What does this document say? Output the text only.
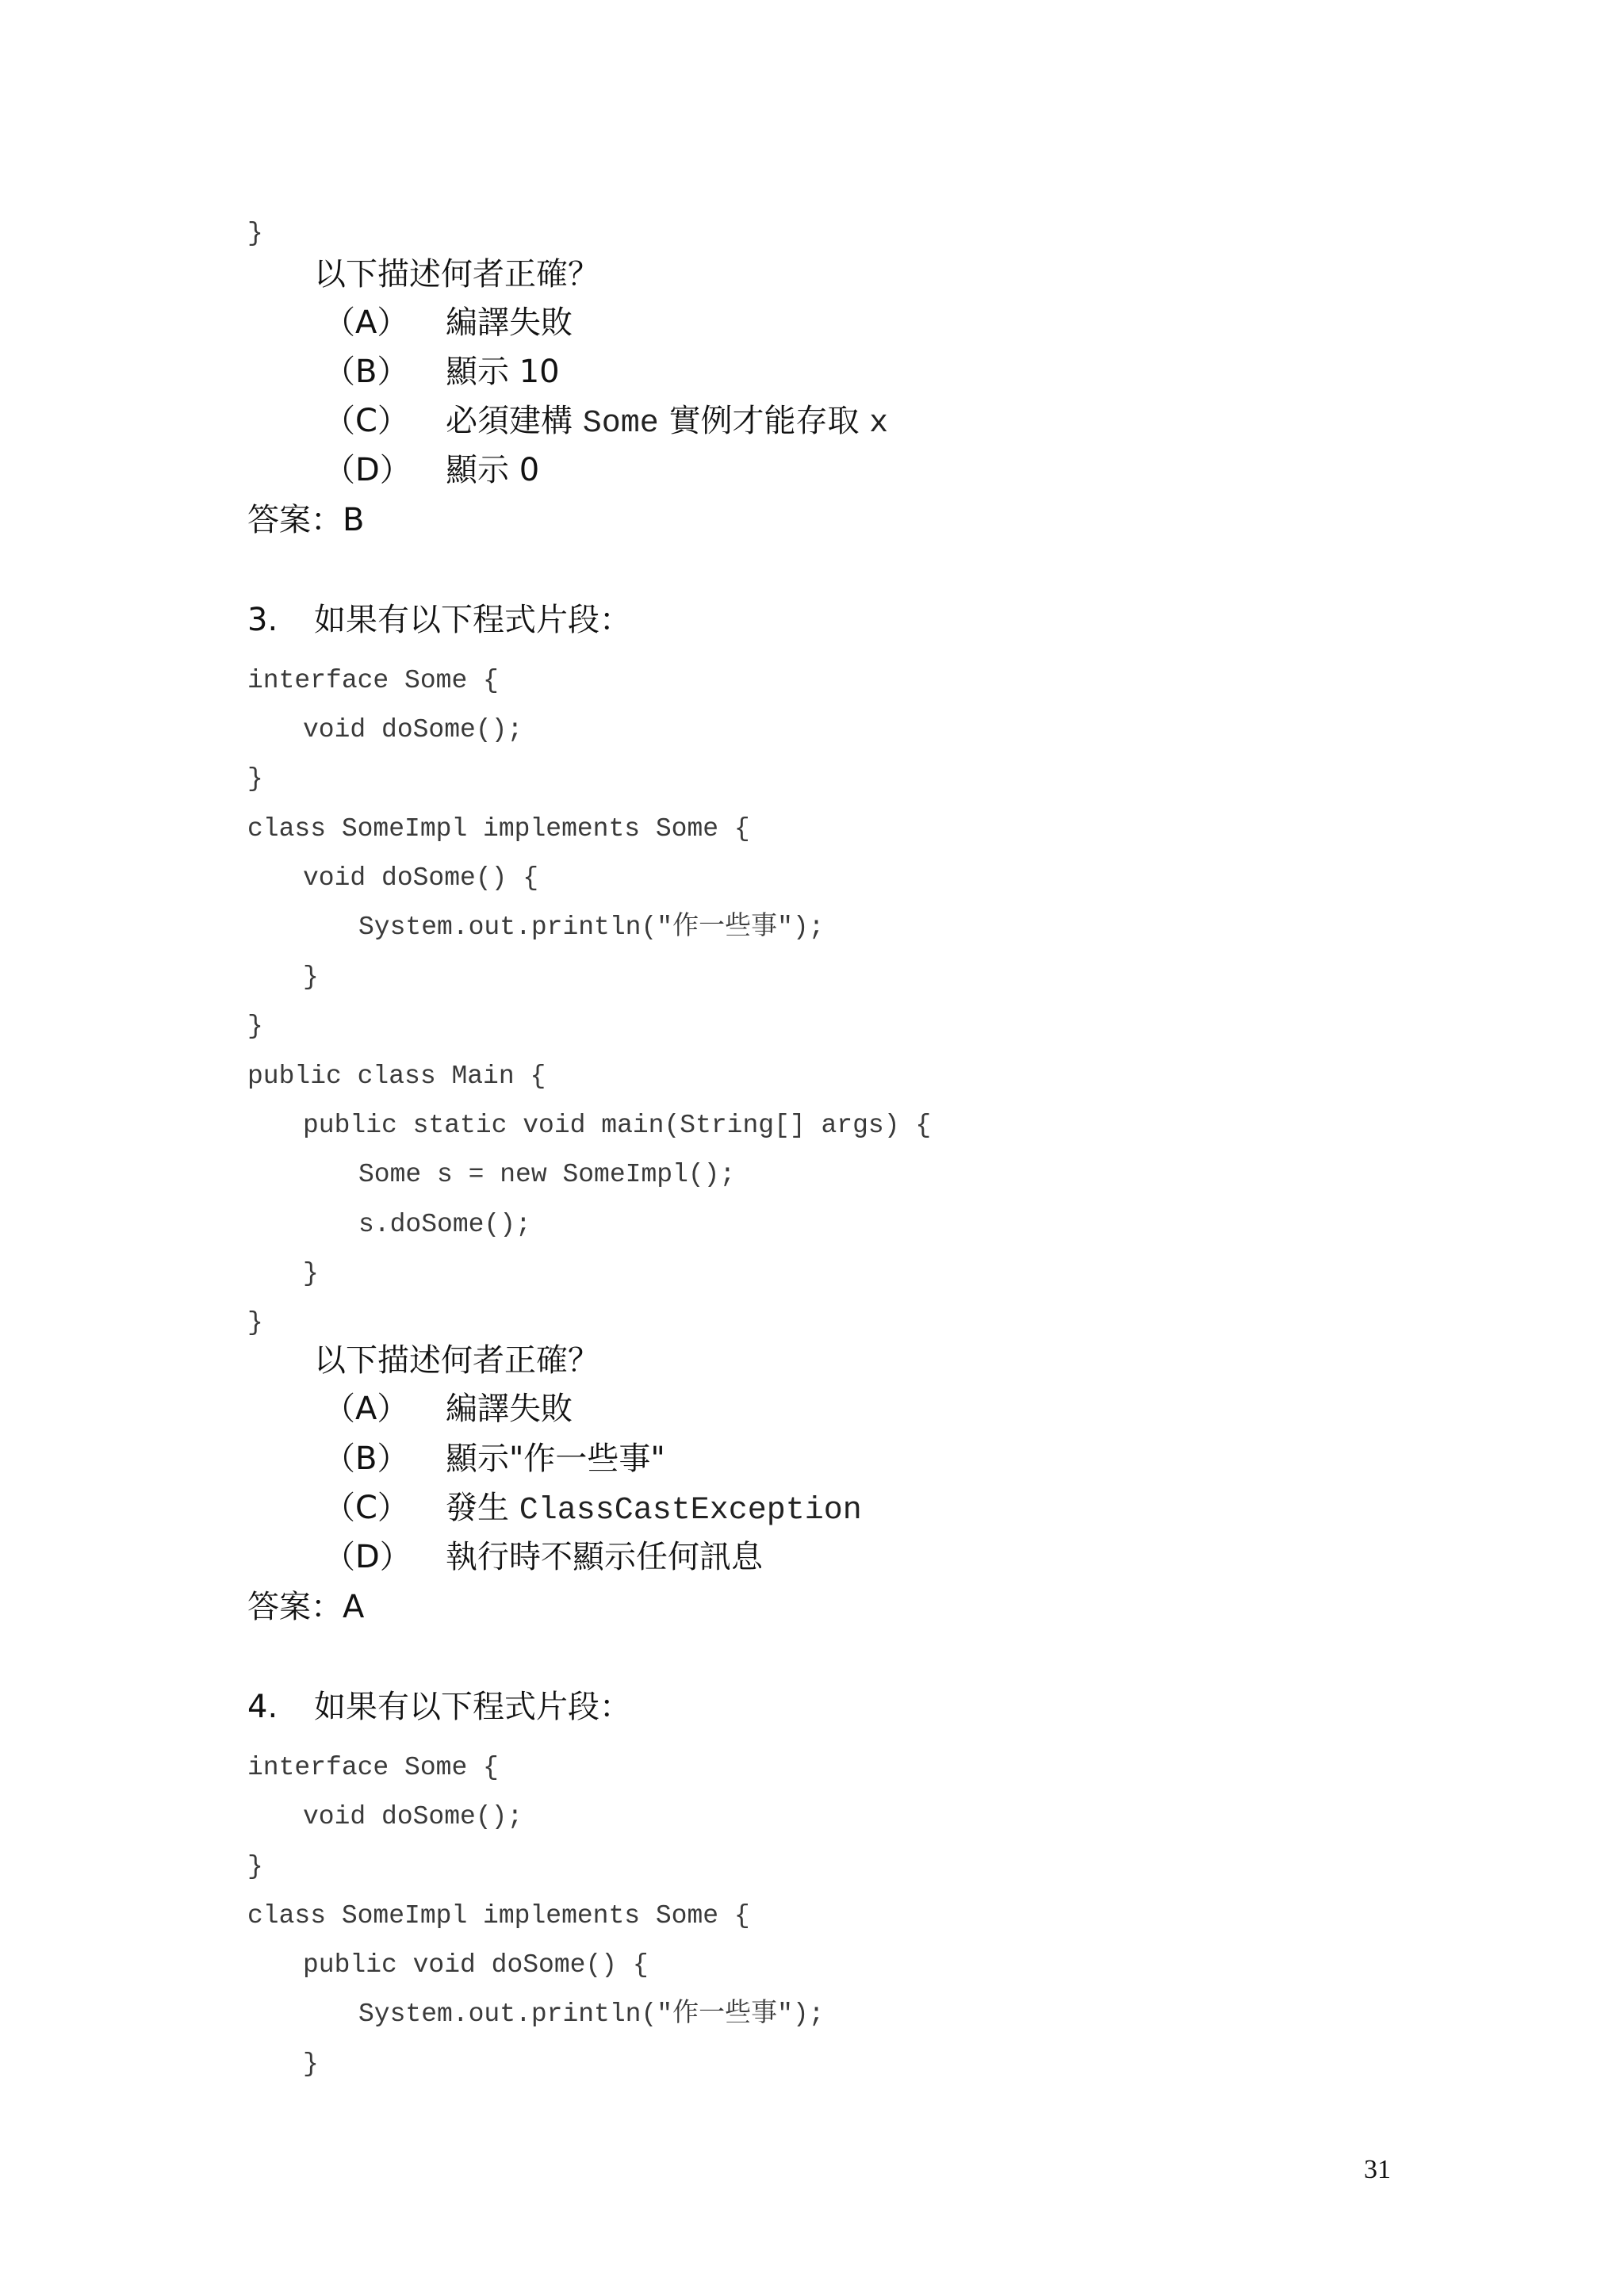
}
以下描述何者正確？
（A） 編譯失敗
（B） 顯示 10
（C） 必須建構 Some 實例才能存取 x
（D） 顯示 0
答案：B
3. 如果有以下程式片段：
interface Some {
void doSome();
}
class SomeImpl implements Some {
void doSome() {
System.out.println("作一些事");
}
}
public class Main {
public static void main(String[] args) {
Some s = new SomeImpl();
s.doSome();
}
}
以下描述何者正確？
（A） 編譯失敗
（B） 顯示"作一些事"
（C） 發生 ClassCastException
（D） 執行時不顯示任何訊息
答案：A
4. 如果有以下程式片段：
interface Some {
void doSome();
}
class SomeImpl implements Some {
public void doSome() {
System.out.println("作一些事");
}
31
